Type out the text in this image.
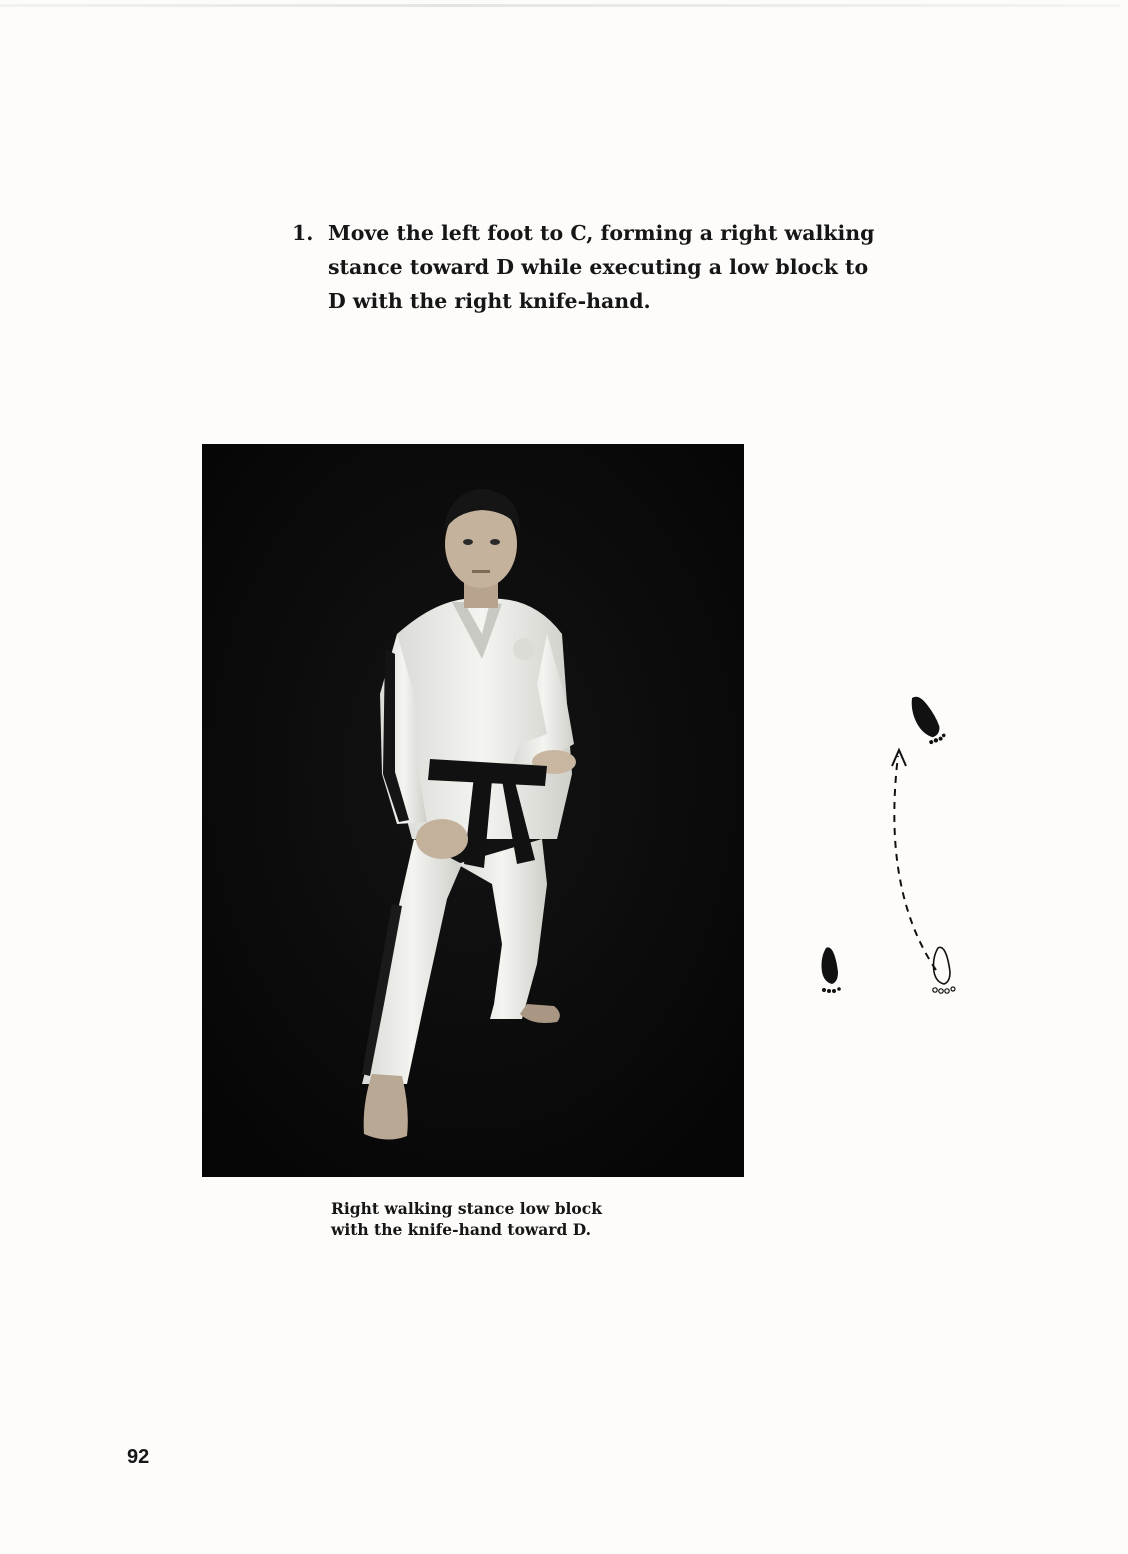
1. Move the left foot to C, forming a right walking
stance toward D while executing a low block to
D with the right knife-hand.
Right walking stance low block
with the knife-hand toward D.
92
